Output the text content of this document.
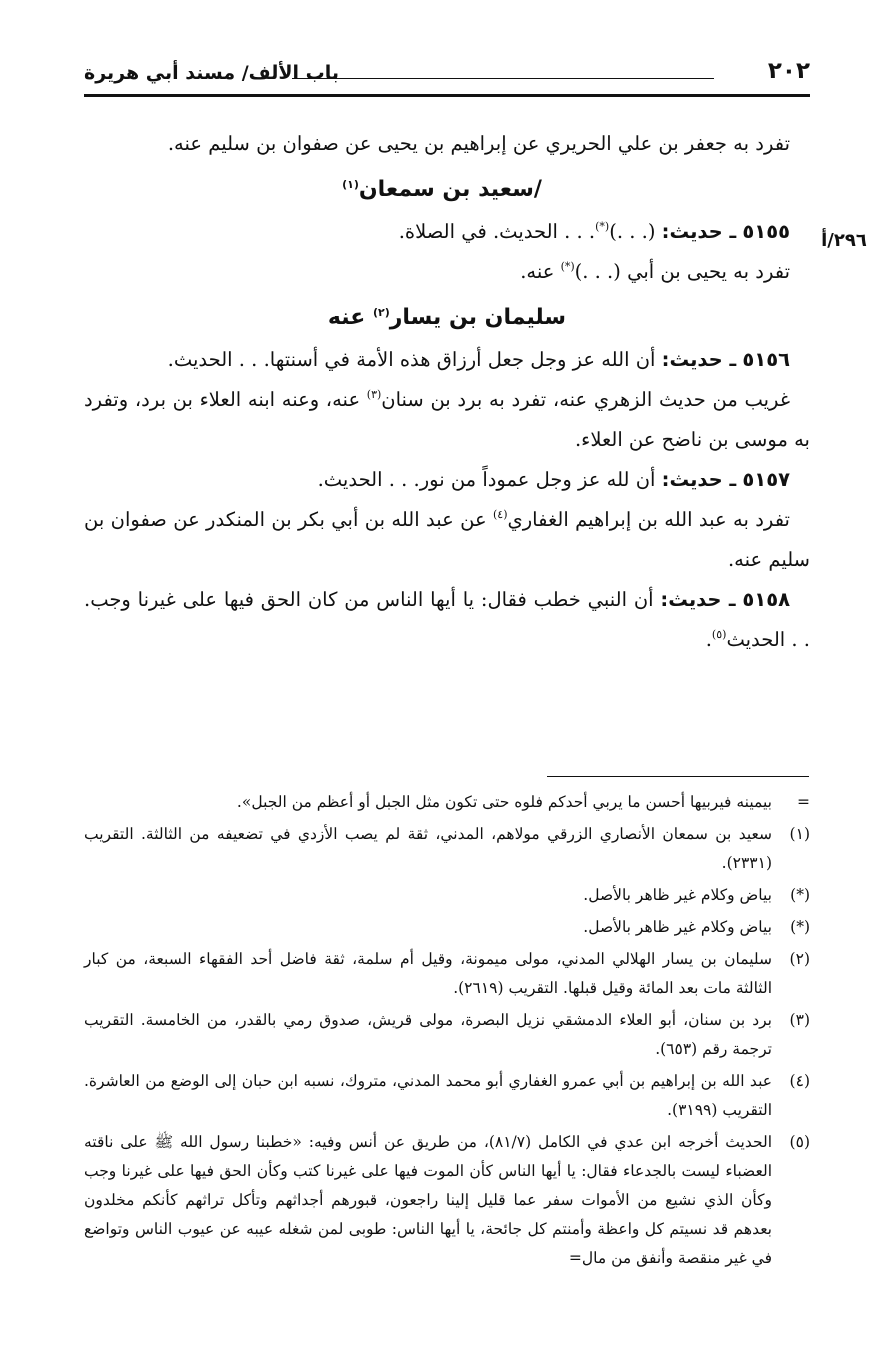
باب الألف/ مسند أبي هريرة	٢٠٢
٢٩٦/أ

تفرد به جعفر بن علي الحريري عن إبراهيم بن يحيى عن صفوان بن سليم عنه.

/سعيد بن سمعان$^{(١)}$

٥١٥٥ ـ حديث: (. . .)(*). . . الحديث. في الصلاة.

تفرد به يحيى بن أبي (. . .)(*) عنه.

سليمان بن يسار$^{(٢)}$ عنه

٥١٥٦ ـ حديث: أن الله عز وجل جعل أرزاق هذه الأمة في أسنتها. . . الحديث.

غريب من حديث الزهري عنه، تفرد به برد بن سنان$^{(٣)}$ عنه، وعنه ابنه العلاء بن برد، وتفرد به موسى بن ناضح عن العلاء.

٥١٥٧ ـ حديث: أن لله عز وجل عموداً من نور. . . الحديث.

تفرد به عبد الله بن إبراهيم الغفاري$^{(٤)}$ عن عبد الله بن أبي بكر بن المنكدر عن صفوان بن سليم عنه.

٥١٥٨ ـ حديث: أن النبي خطب فقال: يا أيها الناس من كان الحق فيها على غيرنا وجب. . . الحديث$^{(٥)}$.

=
بيمينه فيربيها أحسن ما يربي أحدكم فلوه حتى تكون مثل الجبل أو أعظم من الجبل».
(١)
سعيد بن سمعان الأنصاري الزرقي مولاهم، المدني، ثقة لم يصب الأزدي في تضعيفه من الثالثة. التقريب (٢٣٣١).
(*)
بياض وكلام غير ظاهر بالأصل.
(*)
بياض وكلام غير ظاهر بالأصل.
(٢)
سليمان بن يسار الهلالي المدني، مولى ميمونة، وقيل أم سلمة، ثقة فاضل أحد الفقهاء السبعة، من كبار الثالثة مات بعد المائة وقيل قبلها. التقريب (٢٦١٩).
(٣)
برد بن سنان، أبو العلاء الدمشقي نزيل البصرة، مولى قريش، صدوق رمي بالقدر، من الخامسة. التقريب ترجمة رقم (٦٥٣).
(٤)
عبد الله بن إبراهيم بن أبي عمرو الغفاري أبو محمد المدني، متروك، نسبه ابن حبان إلى الوضع من العاشرة. التقريب (٣١٩٩).
(٥)
الحديث أخرجه ابن عدي في الكامل (٨١/٧)، من طريق عن أنس وفيه: «خطبنا رسول الله ﷺ على ناقته العضباء ليست بالجدعاء فقال: يا أيها الناس كأن الموت فيها على غيرنا كتب وكأن الحق فيها على غيرنا وجب وكأن الذي نشيع من الأموات سفر عما قليل إلينا راجعون، قبورهم أجداثهم وتأكل تراثهم كأنكم مخلدون بعدهم قد نسيتم كل واعظة وأمنتم كل جائحة، يا أيها الناس: طوبى لمن شغله عيبه عن عيوب الناس وتواضع في غير منقصة وأنفق من مال=
